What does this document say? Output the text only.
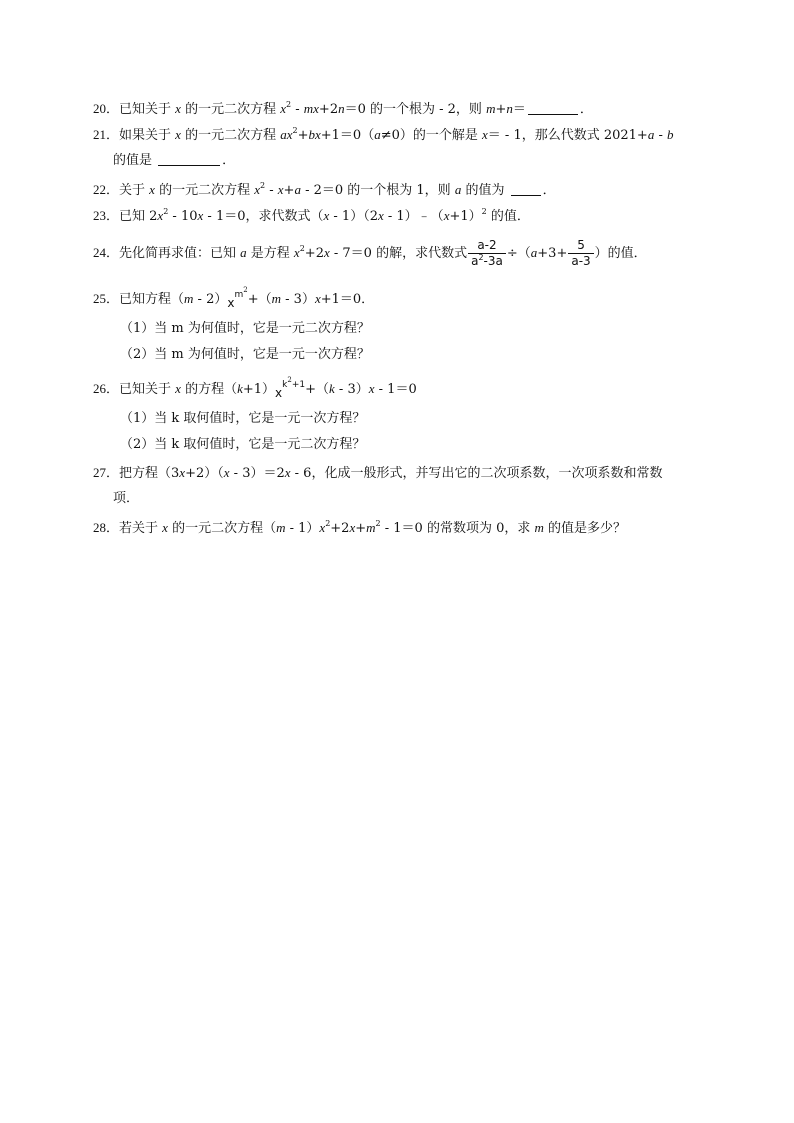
20．已知关于 x 的一元二次方程 $x^2 - mx+2n=0$ 的一个根为 - 2，则 m+n＝	．
21．如果关于 x 的一元二次方程 $ax^2+bx+1=0(a\ne 0)$的一个解是 x＝ - 1，那么代数式 2021+a - b
的值是	．
22．关于 x 的一元二次方程 $x^2 - x+a - 2=0$ 的一个根为 1，则 a 的值为	．
23．已知 $2x^2 - 10x - 1=0$，求代数式$(x - 1)(2x - 1)﹣(x+1)^2$ 的值．
24．先化简再求值：已知 a 是方程 $x^2+2x - 7=0$ 的解，求代数式 $\frac{a-2}{a^2-3a} \div(a+3+ \frac{5}{a-3}$ ）的值．
25．已知方程$(m - 2)x^{m2}+(m - 3)x+1=0$．
（1）当 m 为何值时，它是一元二次方程？
（2）当 m 为何值时，它是一元一次方程？
26．已知关于 x 的方程$(k+1)x^{k2+1}+(k - 3)x - 1=0$
（1）当 k 取何值时，它是一元一次方程？
（2）当 k 取何值时，它是一元二次方程？
27．把方程（3x+2）（x - 3）＝2x - 6，化成一般形式，并写出它的二次项系数，一次项系数和常数
项．
28．若关于 x 的一元二次方程$(m - 1)x^2+2x+m^2 - 1=0$ 的常数项为 0，求 m 的值是多少？
